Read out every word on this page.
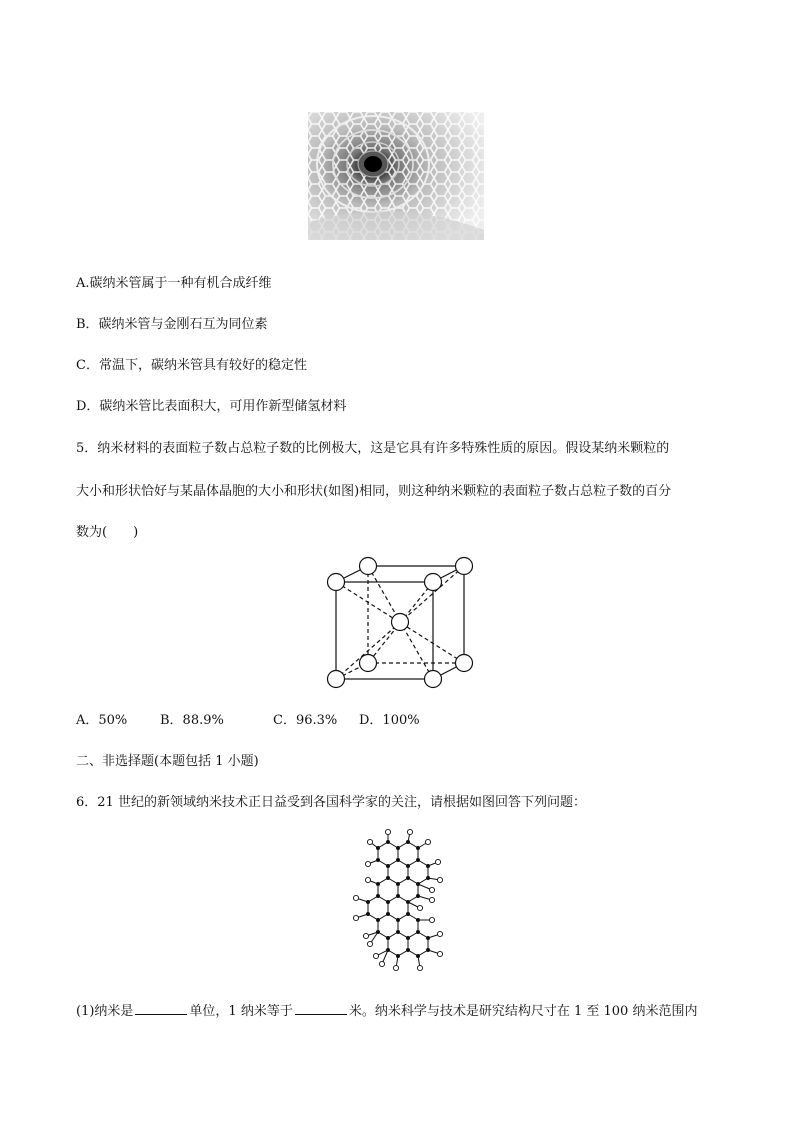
A.碳纳米管属于一种有机合成纤维
B．碳纳米管与金刚石互为同位素
C．常温下，碳纳米管具有较好的稳定性
D．碳纳米管比表面积大，可用作新型储氢材料
5．纳米材料的表面粒子数占总粒子数的比例极大，这是它具有许多特殊性质的原因。假设某纳米颗粒的
大小和形状恰好与某晶体晶胞的大小和形状(如图)相同，则这种纳米颗粒的表面粒子数占总粒子数的百分
数为(　　)
A．50%	B．88.9%	C．96.3% D．100%
二、非选择题(本题包括 1 小题)
6．21 世纪的新领域纳米技术正日益受到各国科学家的关注，请根据如图回答下列问题：
(1)纳米是	单位，1 纳米等于	米。纳米科学与技术是研究结构尺寸在 1 至 100 纳米范围内
